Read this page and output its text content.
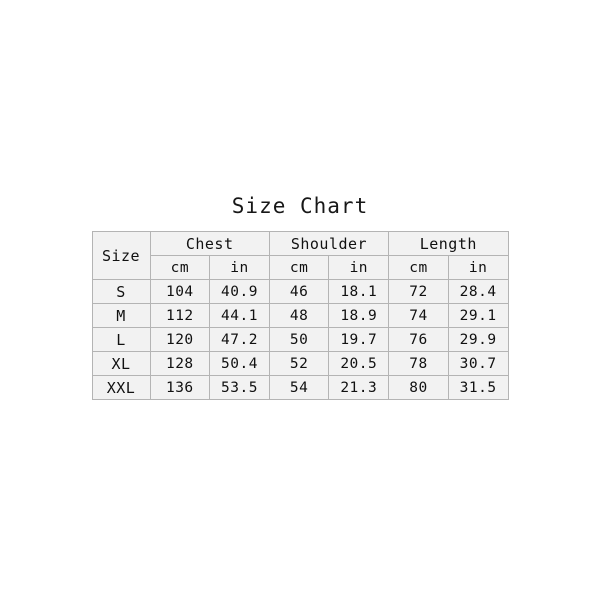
Size Chart
Size	Chest		Shoulder		Length	
	cm	in	cm	in	cm	in
S	104	40.9	46	18.1	72	28.4
M	112	44.1	48	18.9	74	29.1
L	120	47.2	50	19.7	76	29.9
XL	128	50.4	52	20.5	78	30.7
XXL	136	53.5	54	21.3	80	31.5
